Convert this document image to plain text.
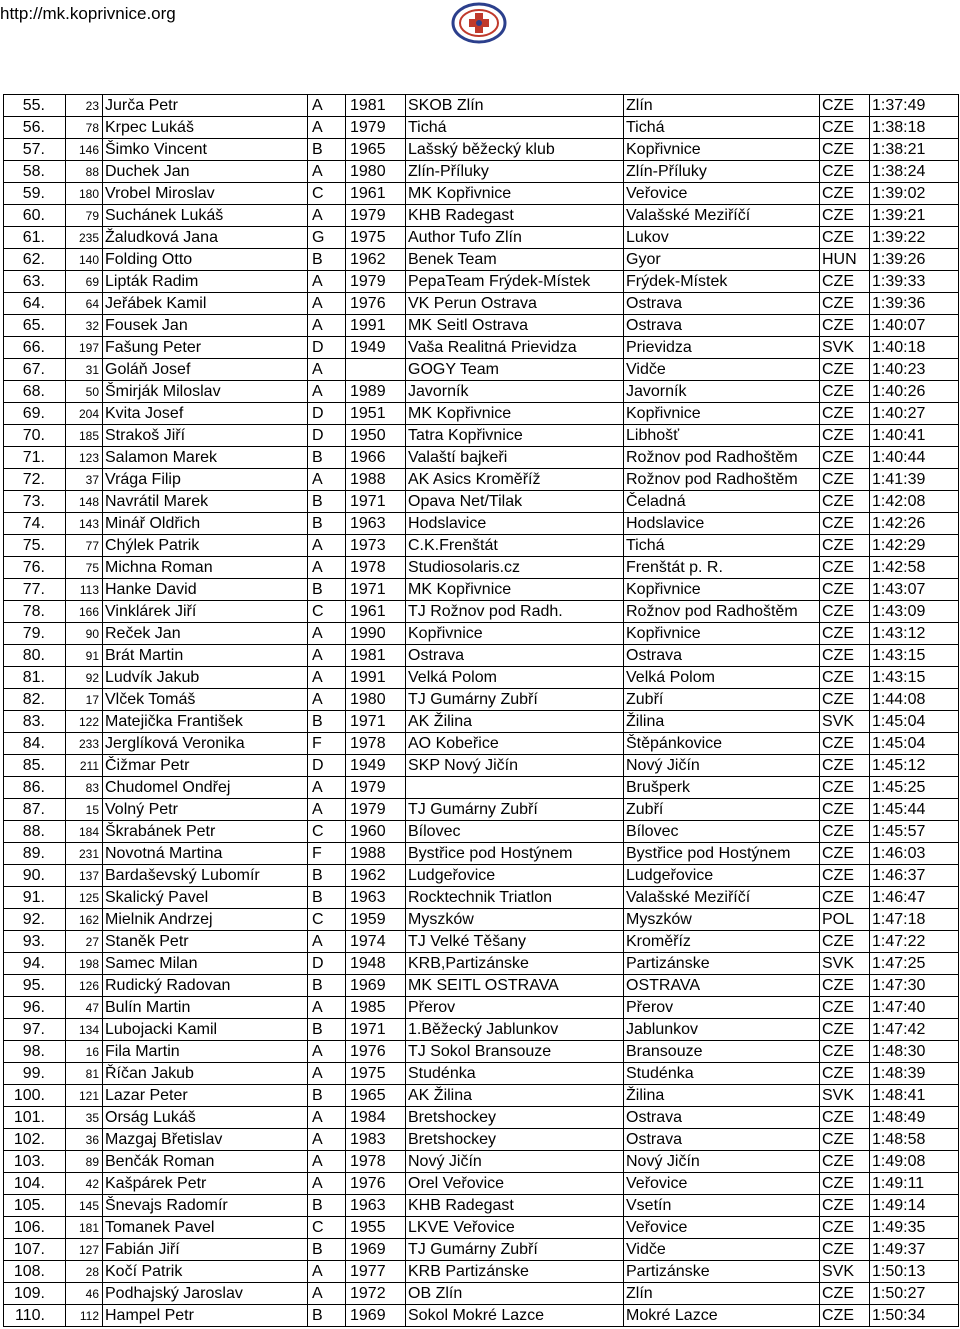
http://mk.koprivnice.org
55.	23	Jurča Petr	A	1981	SKOB Zlín	Zlín	CZE	1:37:49
56.	78	Krpec Lukáš	A	1979	Tichá	Tichá	CZE	1:38:18
57.	146	Šimko Vincent	B	1965	Lašský běžecký klub	Kopřivnice	CZE	1:38:21
58.	88	Duchek Jan	A	1980	Zlín-Příluky	Zlín-Příluky	CZE	1:38:24
59.	180	Vrobel Miroslav	C	1961	MK Kopřivnice	Veřovice	CZE	1:39:02
60.	79	Suchánek Lukáš	A	1979	KHB Radegast	Valašské Meziříčí	CZE	1:39:21
61.	235	Žaludková Jana	G	1975	Author Tufo Zlín	Lukov	CZE	1:39:22
62.	140	Folding Otto	B	1962	Benek Team	Gyor	HUN	1:39:26
63.	69	Lipták Radim	A	1979	PepaTeam Frýdek-Místek	Frýdek-Místek	CZE	1:39:33
64.	64	Jeřábek Kamil	A	1976	VK Perun Ostrava	Ostrava	CZE	1:39:36
65.	32	Fousek Jan	A	1991	MK Seitl Ostrava	Ostrava	CZE	1:40:07
66.	197	Fašung Peter	D	1949	Vaša Realitná Prievidza	Prievidza	SVK	1:40:18
67.	31	Goláň Josef	A		GOGY Team	Vidče	CZE	1:40:23
68.	50	Šmirják Miloslav	A	1989	Javorník	Javorník	CZE	1:40:26
69.	204	Kvita Josef	D	1951	MK Kopřivnice	Kopřivnice	CZE	1:40:27
70.	185	Strakoš Jiří	D	1950	Tatra Kopřivnice	Libhošť	CZE	1:40:41
71.	123	Salamon Marek	B	1966	Valaští bajkeři	Rožnov pod Radhoštěm	CZE	1:40:44
72.	37	Vrága Filip	A	1988	AK Asics Kroměříž	Rožnov pod Radhoštěm	CZE	1:41:39
73.	148	Navrátil Marek	B	1971	Opava Net/Tilak	Čeladná	CZE	1:42:08
74.	143	Minář Oldřich	B	1963	Hodslavice	Hodslavice	CZE	1:42:26
75.	77	Chýlek Patrik	A	1973	C.K.Frenštát	Tichá	CZE	1:42:29
76.	75	Michna Roman	A	1978	Studiosolaris.cz	Frenštát p. R.	CZE	1:42:58
77.	113	Hanke David	B	1971	MK Kopřivnice	Kopřivnice	CZE	1:43:07
78.	166	Vinklárek Jiří	C	1961	TJ Rožnov pod Radh.	Rožnov pod Radhoštěm	CZE	1:43:09
79.	90	Reček Jan	A	1990	Kopřivnice	Kopřivnice	CZE	1:43:12
80.	91	Brát Martin	A	1981	Ostrava	Ostrava	CZE	1:43:15
81.	92	Ludvík Jakub	A	1991	Velká Polom	Velká Polom	CZE	1:43:15
82.	17	Vlček Tomáš	A	1980	TJ Gumárny Zubří	Zubří	CZE	1:44:08
83.	122	Matejička František	B	1971	AK Žilina	Žilina	SVK	1:45:04
84.	233	Jerglíková Veronika	F	1978	AO Kobeřice	Štěpánkovice	CZE	1:45:04
85.	211	Čižmar Petr	D	1949	SKP Nový Jičín	Nový Jičín	CZE	1:45:12
86.	83	Chudomel Ondřej	A	1979		Brušperk	CZE	1:45:25
87.	15	Volný Petr	A	1979	TJ Gumárny Zubří	Zubří	CZE	1:45:44
88.	184	Škrabánek Petr	C	1960	Bílovec	Bílovec	CZE	1:45:57
89.	231	Novotná Martina	F	1988	Bystřice pod Hostýnem	Bystřice pod Hostýnem	CZE	1:46:03
90.	137	Bardaševský Lubomír	B	1962	Ludgeřovice	Ludgeřovice	CZE	1:46:37
91.	125	Skalický Pavel	B	1963	Rocktechnik Triatlon	Valašské Meziříčí	CZE	1:46:47
92.	162	Mielnik Andrzej	C	1959	Myszków	Myszków	POL	1:47:18
93.	27	Staněk Petr	A	1974	TJ Velké Těšany	Kroměříz	CZE	1:47:22
94.	198	Samec Milan	D	1948	KRB,Partizánske	Partizánske	SVK	1:47:25
95.	126	Rudický Radovan	B	1969	MK SEITL OSTRAVA	OSTRAVA	CZE	1:47:30
96.	47	Bulín Martin	A	1985	Přerov	Přerov	CZE	1:47:40
97.	134	Lubojacki Kamil	B	1971	1.Běžecký Jablunkov	Jablunkov	CZE	1:47:42
98.	16	Fila Martin	A	1976	TJ Sokol Bransouze	Bransouze	CZE	1:48:30
99.	81	Říčan Jakub	A	1975	Studénka	Studénka	CZE	1:48:39
100.	121	Lazar Peter	B	1965	AK Žilina	Žilina	SVK	1:48:41
101.	35	Orság Lukáš	A	1984	Bretshockey	Ostrava	CZE	1:48:49
102.	36	Mazgaj Břetislav	A	1983	Bretshockey	Ostrava	CZE	1:48:58
103.	89	Benčák Roman	A	1978	Nový Jičín	Nový Jičín	CZE	1:49:08
104.	42	Kašpárek Petr	A	1976	Orel Veřovice	Veřovice	CZE	1:49:11
105.	145	Šnevajs Radomír	B	1963	KHB Radegast	Vsetín	CZE	1:49:14
106.	181	Tomanek Pavel	C	1955	LKVE Veřovice	Veřovice	CZE	1:49:35
107.	127	Fabián Jiří	B	1969	TJ Gumárny Zubří	Vidče	CZE	1:49:37
108.	28	Kočí Patrik	A	1977	KRB Partizánske	Partizánske	SVK	1:50:13
109.	46	Podhajský Jaroslav	A	1972	OB Zlín	Zlín	CZE	1:50:27
110.	112	Hampel Petr	B	1969	Sokol Mokré Lazce	Mokré Lazce	CZE	1:50:34
